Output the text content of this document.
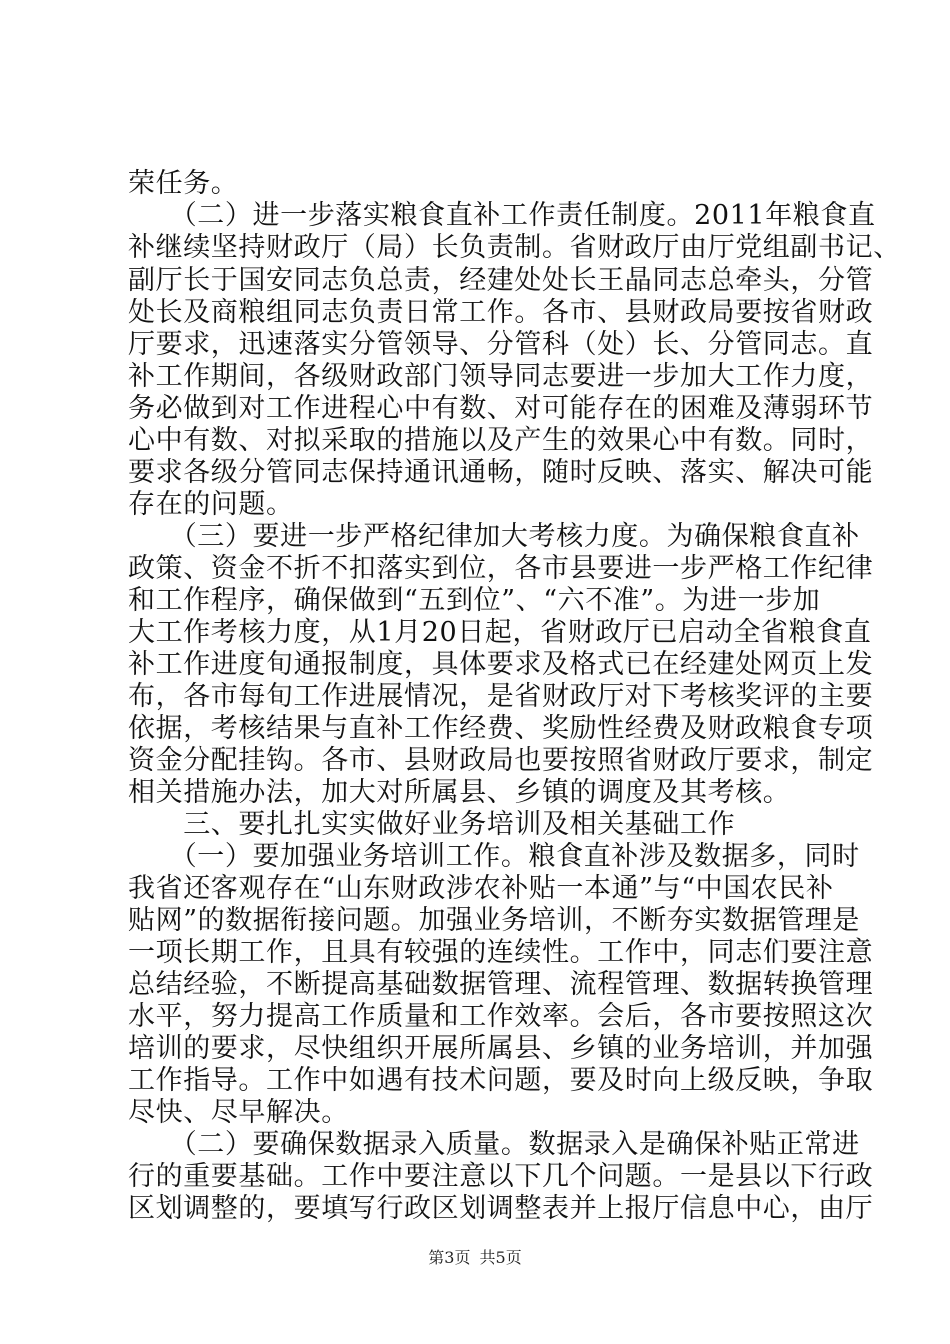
荣任务。
　　（二）进一步落实粮食直补工作责任制度。2011年粮食直
补继续坚持财政厅（局）长负责制。省财政厅由厅党组副书记、
副厅长于国安同志负总责，经建处处长王晶同志总牵头，分管
处长及商粮组同志负责日常工作。各市、县财政局要按省财政
厅要求，迅速落实分管领导、分管科（处）长、分管同志。直
补工作期间，各级财政部门领导同志要进一步加大工作力度，
务必做到对工作进程心中有数、对可能存在的困难及薄弱环节
心中有数、对拟采取的措施以及产生的效果心中有数。同时，
要求各级分管同志保持通讯通畅，随时反映、落实、解决可能
存在的问题。
　　（三）要进一步严格纪律加大考核力度。为确保粮食直补
政策、资金不折不扣落实到位，各市县要进一步严格工作纪律
和工作程序，确保做到“五到位”、“六不准”。为进一步加
大工作考核力度，从1月20日起，省财政厅已启动全省粮食直
补工作进度旬通报制度，具体要求及格式已在经建处网页上发
布，各市每旬工作进展情况，是省财政厅对下考核奖评的主要
依据，考核结果与直补工作经费、奖励性经费及财政粮食专项
资金分配挂钩。各市、县财政局也要按照省财政厅要求，制定
相关措施办法，加大对所属县、乡镇的调度及其考核。
　　三、要扎扎实实做好业务培训及相关基础工作
　　（一）要加强业务培训工作。粮食直补涉及数据多，同时
我省还客观存在“山东财政涉农补贴一本通”与“中国农民补
贴网”的数据衔接问题。加强业务培训，不断夯实数据管理是
一项长期工作，且具有较强的连续性。工作中，同志们要注意
总结经验，不断提高基础数据管理、流程管理、数据转换管理
水平，努力提高工作质量和工作效率。会后，各市要按照这次
培训的要求，尽快组织开展所属县、乡镇的业务培训，并加强
工作指导。工作中如遇有技术问题，要及时向上级反映，争取
尽快、尽早解决。
　　（二）要确保数据录入质量。数据录入是确保补贴正常进
行的重要基础。工作中要注意以下几个问题。一是县以下行政
区划调整的，要填写行政区划调整表并上报厅信息中心，由厅
第3页 共5页
